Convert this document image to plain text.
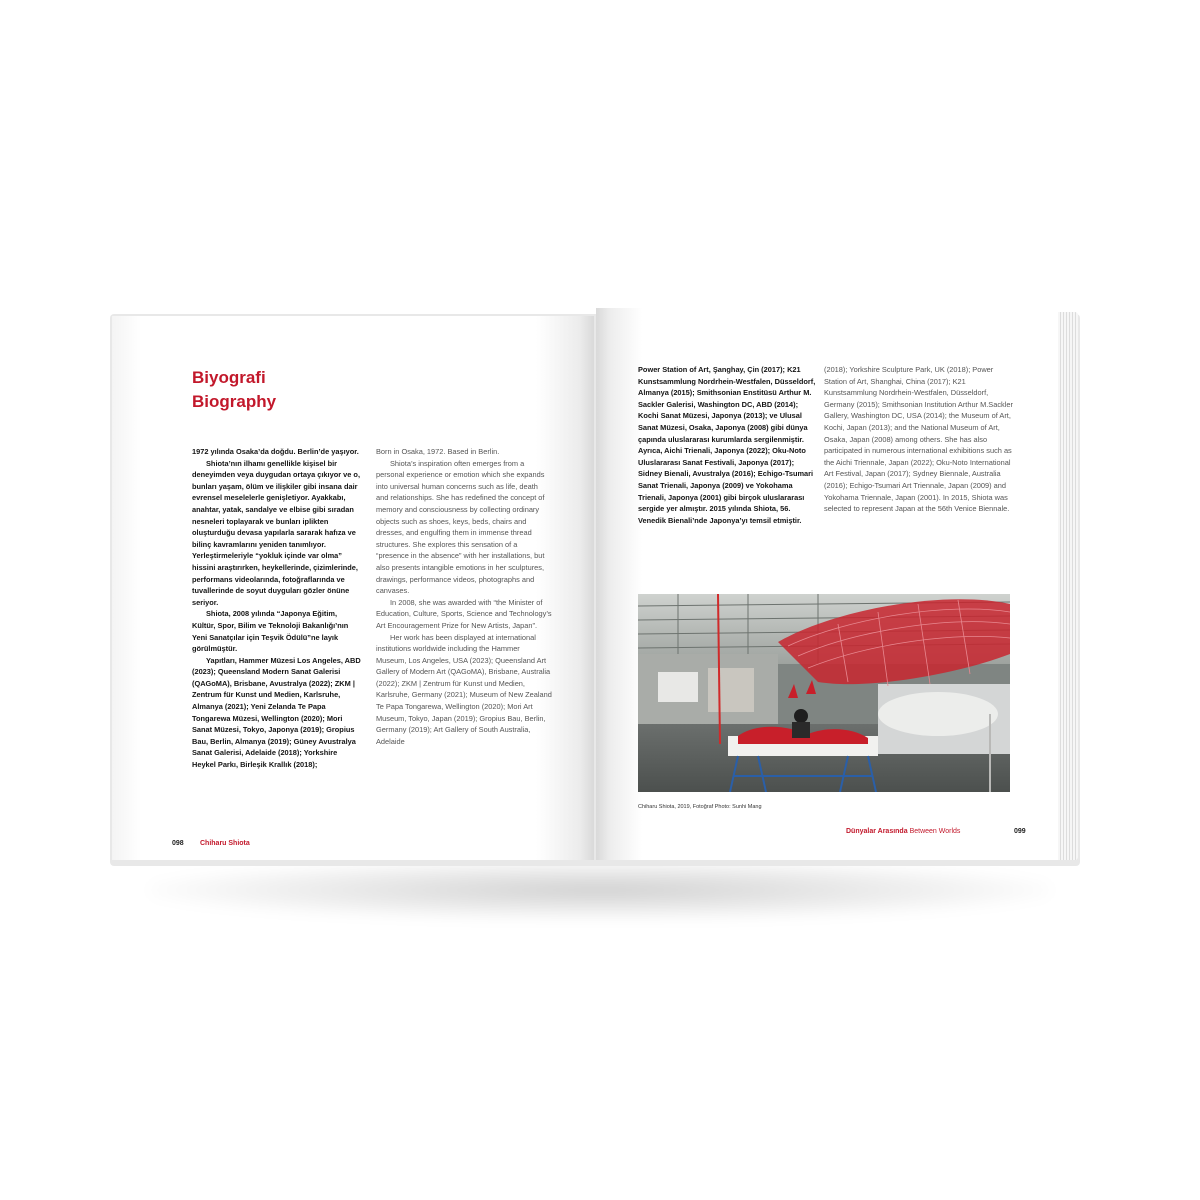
Biyografi
Biography

1972 yılında Osaka’da doğdu. Berlin’de yaşıyor.

Shiota’nın ilhamı genellikle kişisel bir deneyimden veya duygudan ortaya çıkıyor ve o, bunları yaşam, ölüm ve ilişkiler gibi insana dair evrensel meselelerle genişletiyor. Ayakkabı, anahtar, yatak, sandalye ve elbise gibi sıradan nesneleri toplayarak ve bunları iplikten oluşturduğu devasa yapılarla sararak hafıza ve bilinç kavramlarını yeniden tanımlıyor. Yerleştirmeleriyle “yokluk içinde var olma” hissini araştırırken, heykellerinde, çizimlerinde, performans videolarında, fotoğraflarında ve tuvallerinde de soyut duyguları gözler önüne seriyor.

Shiota, 2008 yılında “Japonya Eğitim, Kültür, Spor, Bilim ve Teknoloji Bakanlığı’nın Yeni Sanatçılar için Teşvik Ödülü”ne layık görülmüştür.

Yapıtları, Hammer Müzesi Los Angeles, ABD (2023); Queensland Modern Sanat Galerisi (QAGoMA), Brisbane, Avustralya (2022); ZKM | Zentrum für Kunst und Medien, Karlsruhe, Almanya (2021); Yeni Zelanda Te Papa Tongarewa Müzesi, Wellington (2020); Mori Sanat Müzesi, Tokyo, Japonya (2019); Gropius Bau, Berlin, Almanya (2019); Güney Avustralya Sanat Galerisi, Adelaide (2018); Yorkshire Heykel Parkı, Birleşik Krallık (2018);

Born in Osaka, 1972. Based in Berlin.

Shiota’s inspiration often emerges from a personal experience or emotion which she expands into universal human concerns such as life, death and relationships. She has redefined the concept of memory and consciousness by collecting ordinary objects such as shoes, keys, beds, chairs and dresses, and engulfing them in immense thread structures. She explores this sensation of a “presence in the absence” with her installations, but also presents intangible emotions in her sculptures, drawings, performance videos, photographs and canvases.

In 2008, she was awarded with “the Minister of Education, Culture, Sports, Science and Technology’s Art Encouragement Prize for New Artists, Japan”.

Her work has been displayed at international institutions worldwide including the Hammer Museum, Los Angeles, USA (2023); Queensland Art Gallery of Modern Art (QAGoMA), Brisbane, Australia (2022); ZKM | Zentrum für Kunst und Medien, Karlsruhe, Germany (2021); Museum of New Zealand Te Papa Tongarewa, Wellington (2020); Mori Art Museum, Tokyo, Japan (2019); Gropius Bau, Berlin, Germany (2019); Art Gallery of South Australia, Adelaide

098 Chiharu Shiota

Power Station of Art, Şanghay, Çin (2017); K21 Kunstsammlung Nordrhein-Westfalen, Düsseldorf, Almanya (2015); Smithsonian Enstitüsü Arthur M. Sackler Galerisi, Washington DC, ABD (2014); Kochi Sanat Müzesi, Japonya (2013); ve Ulusal Sanat Müzesi, Osaka, Japonya (2008) gibi dünya çapında uluslararası kurumlarda sergilenmiştir. Ayrıca, Aichi Trienali, Japonya (2022); Oku-Noto Uluslararası Sanat Festivali, Japonya (2017); Sidney Bienali, Avustralya (2016); Echigo-Tsumari Sanat Trienali, Japonya (2009) ve Yokohama Trienali, Japonya (2001) gibi birçok uluslararası sergide yer almıştır. 2015 yılında Shiota, 56. Venedik Bienali’nde Japonya’yı temsil etmiştir.

(2018); Yorkshire Sculpture Park, UK (2018); Power Station of Art, Shanghai, China (2017); K21 Kunstsammlung Nordrhein-Westfalen, Düsseldorf, Germany (2015); Smithsonian Institution Arthur M.Sackler Gallery, Washington DC, USA (2014); the Museum of Art, Kochi, Japan (2013); and the National Museum of Art, Osaka, Japan (2008) among others. She has also participated in numerous international exhibitions such as the Aichi Triennale, Japan (2022); Oku-Noto International Art Festival, Japan (2017); Sydney Biennale, Australia (2016); Echigo-Tsumari Art Triennale, Japan (2009) and Yokohama Triennale, Japan (2001). In 2015, Shiota was selected to represent Japan at the 56th Venice Biennale.

Chiharu Shiota, 2019, Fotoğraf Photo: Sunhi Mang
Dünyalar Arasında Between Worlds	099
